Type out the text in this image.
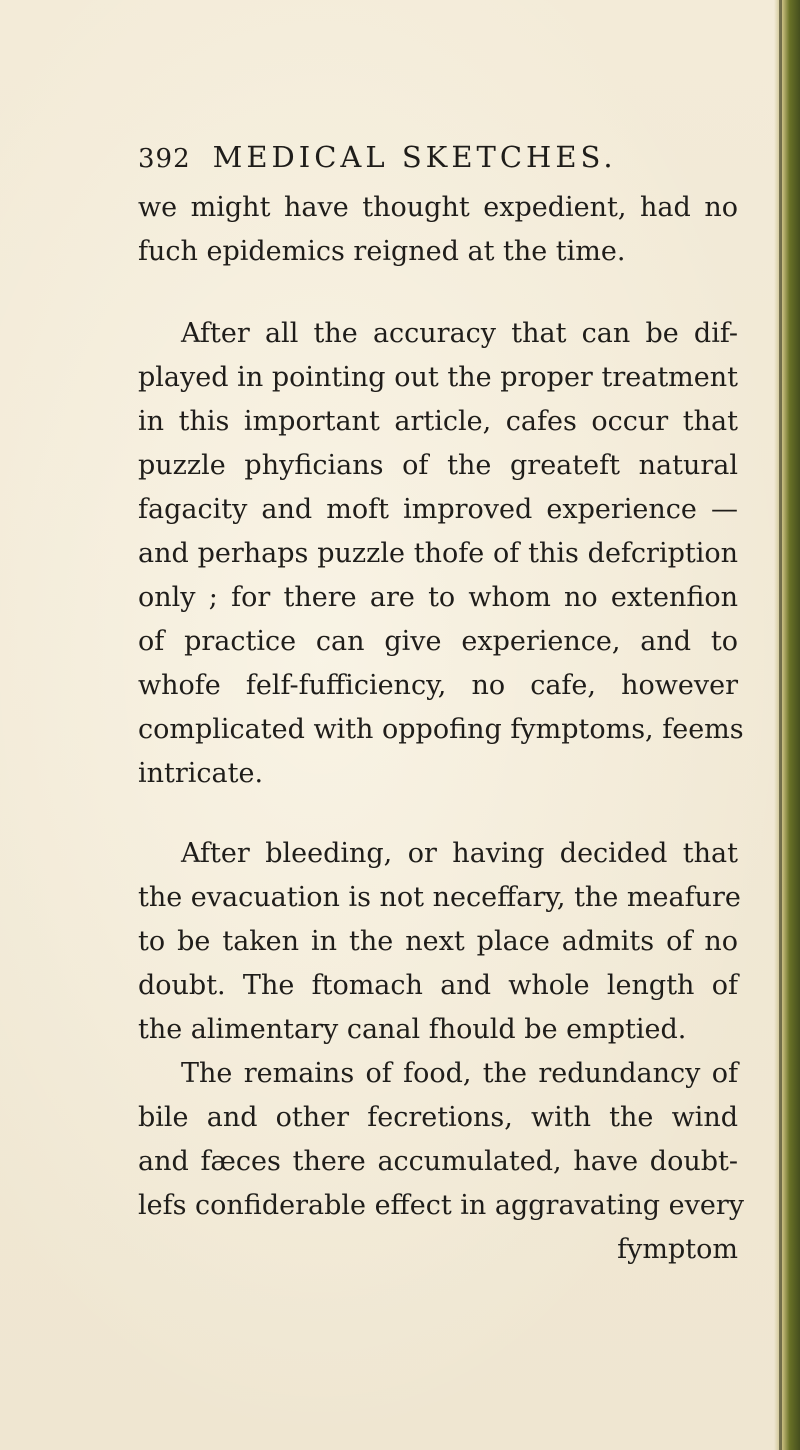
392 MEDICAL SKETCHES.
we might have thought expedient, had no
fuch epidemics reigned at the time.
After all the accuracy that can be dif-
played in pointing out the proper treatment
in this important article, cafes occur that
puzzle phyficians of the greateft natural
fagacity and moft improved experience —
and perhaps puzzle thofe of this defcription
only ; for there are to whom no extenfion
of practice can give experience, and to
whofe felf-fufficiency, no cafe, however
complicated with oppofing fymptoms, feems
intricate.
After bleeding, or having decided that
the evacuation is not neceffary, the meafure
to be taken in the next place admits of no
doubt. The ftomach and whole length of
the alimentary canal fhould be emptied.
The remains of food, the redundancy of
bile and other fecretions, with the wind
and fæces there accumulated, have doubt-
lefs confiderable effect in aggravating every
fymptom
